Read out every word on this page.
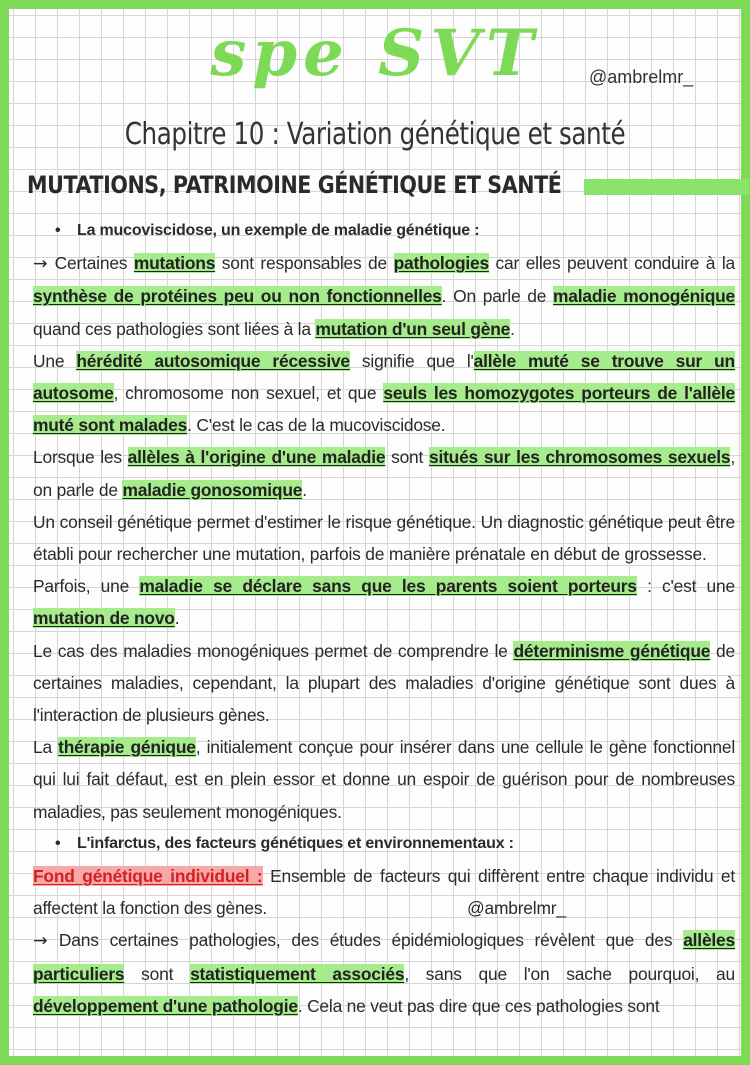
spe SVT	@ambrelmr_
Chapitre 10 : Variation génétique et santé
MUTATIONS, PATRIMOINE GÉNÉTIQUE ET SANTÉ

• La mucoviscidose, un exemple de maladie génétique :

→ Certaines mutations sont responsables de pathologies car elles peuvent conduire à la synthèse de protéines peu ou non fonctionnelles. On parle de maladie monogénique quand ces pathologies sont liées à la mutation d'un seul gène.

Une hérédité autosomique récessive signifie que l'allèle muté se trouve sur un autosome, chromosome non sexuel, et que seuls les homozygotes porteurs de l'allèle muté sont malades. C'est le cas de la mucoviscidose.

Lorsque les allèles à l'origine d'une maladie sont situés sur les chromosomes sexuels, on parle de maladie gonosomique.

Un conseil génétique permet d'estimer le risque génétique. Un diagnostic génétique peut être établi pour rechercher une mutation, parfois de manière prénatale en début de grossesse.

Parfois, une maladie se déclare sans que les parents soient porteurs : c'est une mutation de novo.

Le cas des maladies monogéniques permet de comprendre le déterminisme génétique de certaines maladies, cependant, la plupart des maladies d'origine génétique sont dues à l'interaction de plusieurs gènes.

La thérapie génique, initialement conçue pour insérer dans une cellule le gène fonctionnel qui lui fait défaut, est en plein essor et donne un espoir de guérison pour de nombreuses maladies, pas seulement monogéniques.

• L'infarctus, des facteurs génétiques et environnementaux :

Fond génétique individuel : Ensemble de facteurs qui diffèrent entre chaque individu et affectent la fonction des gènes.	@ambrelmr_

→ Dans certaines pathologies, des études épidémiologiques révèlent que des allèles particuliers sont statistiquement associés, sans que l'on sache pourquoi, au développement d'une pathologie. Cela ne veut pas dire que ces pathologies sont
